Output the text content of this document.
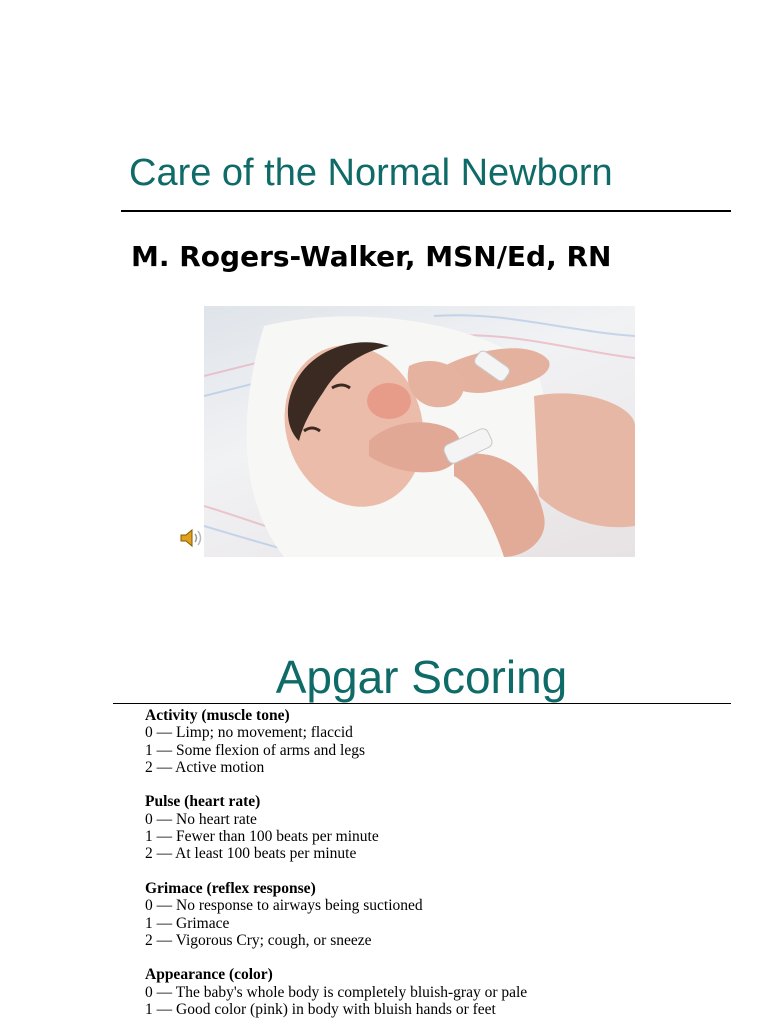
Care of the Normal Newborn
M. Rogers-Walker, MSN/Ed, RN
Apgar Scoring
Activity (muscle tone)
0 — Limp; no movement; flaccid
1 — Some flexion of arms and legs
2 — Active motion
Pulse (heart rate)
0 — No heart rate
1 — Fewer than 100 beats per minute
2 — At least 100 beats per minute
Grimace (reflex response)
0 — No response to airways being suctioned
1 — Grimace
2 — Vigorous Cry; cough, or sneeze
Appearance (color)
0 — The baby's whole body is completely bluish-gray or pale
1 — Good color (pink) in body with bluish hands or feet
